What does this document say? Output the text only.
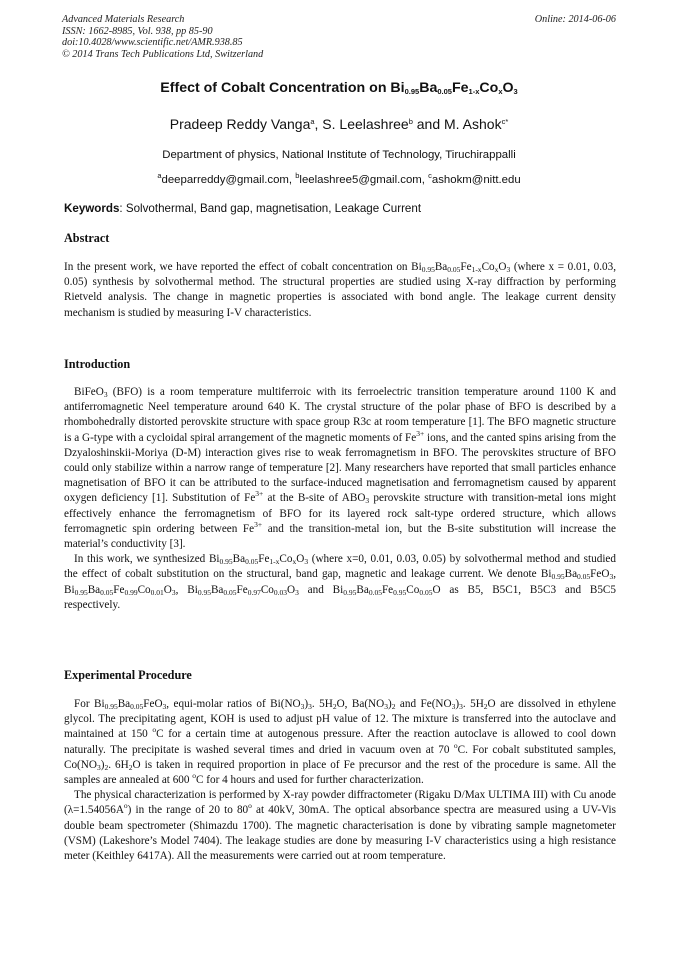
Advanced Materials Research
ISSN: 1662-8985, Vol. 938, pp 85-90
doi:10.4028/www.scientific.net/AMR.938.85
© 2014 Trans Tech Publications Ltd, Switzerland
Online: 2014-06-06
Effect of Cobalt Concentration on $Bi_{0.95}Ba_{0.05}Fe_{1-x}Co_xO_3$
Pradeep Reddy Vanga$^a$, S. Leelashree$^b$ and M. Ashok$^{c*}$
Department of physics, National Institute of Technology, Tiruchirappalli
$^a$deeparreddy@gmail.com, $^b$leelashree5@gmail.com, $^c$ashokm@nitt.edu
Keywords: Solvothermal, Band gap, magnetisation, Leakage Current
Abstract

In the present work, we have reported the effect of cobalt concentration on $Bi_{0.95}Ba_{0.05}Fe_{1-x}Co_xO_3$ (where x = 0.01, 0.03, 0.05) synthesis by solvothermal method. The structural properties are studied using X-ray diffraction by performing Rietveld analysis. The change in magnetic properties is associated with bond angle. The leakage current density mechanism is studied by measuring I-V characteristics.

Introduction

BiFeO$_3$ (BFO) is a room temperature multiferroic with its ferroelectric transition temperature around 1100 K and antiferromagnetic Neel temperature around 640 K. The crystal structure of the polar phase of BFO is described by a rhombohedrally distorted perovskite structure with space group R3c at room temperature [1]. The BFO magnetic structure is a G-type with a cycloidal spiral arrangement of the magnetic moments of $Fe^{3+}$ ions, and the canted spins arising from the Dzyaloshinskii-Moriya (D-M) interaction gives rise to weak ferromagnetism in BFO. The perovskites structure of BFO could only stabilize within a narrow range of temperature [2]. Many researchers have reported that small particles enhance magnetisation of BFO it can be attributed to the surface-induced magnetisation and ferromagnetism caused by apparent oxygen deficiency [1]. Substitution of $Fe^{3+}$ at the B-site of $ABO_3$ perovskite structure with transition-metal ions might effectively enhance the ferromagnetism of BFO for its layered rock salt-type ordered structure, which allows ferromagnetic spin ordering between $Fe^{3+}$ and the transition-metal ion, but the B-site substitution will increase the material’s conductivity [3].

In this work, we synthesized $Bi_{0.95}Ba_{0.05}Fe_{1-x}Co_xO_3$ (where x=0, 0.01, 0.03, 0.05) by solvothermal method and studied the effect of cobalt substitution on the structural, band gap, magnetic and leakage current. We denote $Bi_{0.95}Ba_{0.05}FeO_3$, $Bi_{0.95}Ba_{0.05}Fe_{0.99}Co_{0.01}O_3$, $Bi_{0.95}Ba_{0.05}Fe_{0.97}Co_{0.03}O_3$ and $Bi_{0.95}Ba_{0.05}Fe_{0.95}Co_{0.05}O$ as B5, B5C1, B5C3 and B5C5 respectively.

Experimental Procedure

For $Bi_{0.95}Ba_{0.05}FeO_3$, equi-molar ratios of $Bi(NO_3)_3$. $5H_2O$, $Ba(NO_3)_2$ and $Fe(NO_3)_3$. $5H_2O$ are dissolved in ethylene glycol. The precipitating agent, KOH is used to adjust pH value of 12. The mixture is transferred into the autoclave and maintained at 150 $^o$C for a certain time at autogenous pressure. After the reaction autoclave is allowed to cool down naturally. The precipitate is washed several times and dried in vacuum oven at 70 $^o$C. For cobalt substituted samples, $Co(NO_3)_2$. $6H_2O$ is taken in required proportion in place of Fe precursor and the rest of the procedure is same. All the samples are annealed at 600 $^o$C for 4 hours and used for further characterization.

The physical characterization is performed by X-ray powder diffractometer (Rigaku D/Max ULTIMA III) with Cu anode $(\lambda=1.54056A^o)$ in the range of 20 to 80$^o$ at 40kV, 30mA. The optical absorbance spectra are measured using a UV-Vis double beam spectrometer (Shimazdu 1700). The magnetic characterisation is done by vibrating sample magnetometer (VSM) (Lakeshore’s Model 7404). The leakage studies are done by measuring I-V characteristics using a high resistance meter (Keithley 6417A). All the measurements were carried out at room temperature.
